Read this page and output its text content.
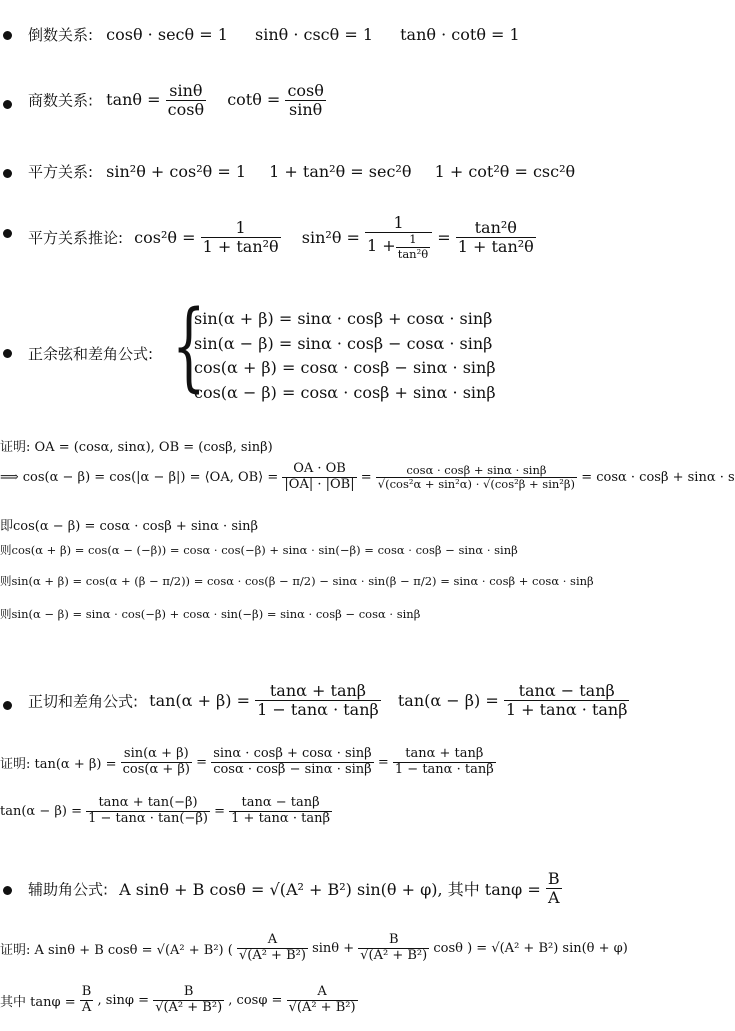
倒数关系: cosθ · secθ = 1 sinθ · cscθ = 1 tanθ · cotθ = 1
商数关系: $\tan\theta = \frac{\sin\theta}{\cos\theta}$ $\cot\theta = \frac{\cos\theta}{\sin\theta}$
平方关系: sin²θ + cos²θ = 1 1 + tan²θ = sec²θ 1 + cot²θ = csc²θ
平方关系推论: $\cos^2\theta = \frac{1}{\text{1 + tan²θ}} \sin^2\theta = \frac{1}{1 + \frac{1}{\text{tan²θ}}} = \frac{\text{tan²θ}}{\text{1 + tan²θ}}$
正余弦和差角公式: {
sin(α + β) = sinα · cosβ + cosα · sinβ
sin(α − β) = sinα · cosβ − cosα · sinβ
cos(α + β) = cosα · cosβ − sinα · sinβ
cos(α − β) = cosα · cosβ + sinα · sinβ
证明: OA = (cosα, sinα), OB = (cosβ, sinβ)
⟹ cos(α − β) = cos(|α − β|) = ⟨OA, OB⟩ = $\frac{OA \cdot OB}{|OA| \cdot |OB|} = \frac{\cos\alpha \cdot \cos\beta + \sin\alpha \cdot \sin\beta}{\text{√(cos²α + sin²α) · √(cos²β + sin²β)}} = \cos\alpha \cdot \cos\beta + \sin\alpha \cdot s$
即cos(α − β) = cosα · cosβ + sinα · sinβ
则cos(α + β) = cos(α − (−β)) = cosα · cos(−β) + sinα · sin(−β) = cosα · cosβ − sinα · sinβ
则sin(α + β) = cos(α + (β − π/2)) = cosα · cos(β − π/2) − sinα · sin(β − π/2) = sinα · cosβ + cosα · sinβ
则sin(α − β) = sinα · cos(−β) + cosα · sin(−β) = sinα · cosβ − cosα · sinβ
正切和差角公式: $\tan(\alpha + \beta) = \frac{\tan\alpha + \tan\beta}{1 - \tan\alpha \cdot \tan\beta} \tan(\alpha - \beta) = \frac{\tan\alpha - \tan\beta}{1 + \tan\alpha \cdot \tan\beta}$
证明: $\tan(\alpha + \beta) = \frac{\sin(\alpha + \beta)}{\cos(\alpha + \beta)} = \frac{\sin\alpha \cdot \cos\beta + \cos\alpha \cdot \sin\beta}{\cos\alpha \cdot \cos\beta - \sin\alpha \cdot \sin\beta} = \frac{\tan\alpha + \tan\beta}{1 - \tan\alpha \cdot \tan\beta}$
$\tan(\alpha - \beta) = \frac{\tan\alpha + \tan(-\beta)}{1 - \tan\alpha \cdot \tan(-\beta)} = \frac{\tan\alpha - \tan\beta}{1 + \tan\alpha \cdot \tan\beta}$
辅助角公式: A sinθ + B cosθ = √(A² + B²) sin(θ + φ), 其中 $\tan\varphi = \frac{B}{A}$
证明: A sinθ + B cosθ = √(A² + B²) ( $\frac{A}{\text{√(A² + B²)}}$ $\sin\theta + \frac{B}{\text{√(A² + B²)}}$ cosθ ) = √(A² + B²) sin(θ + φ)
其中 $\tan\varphi = \frac{B}{A}$ , $\sin\varphi = \frac{B}{\text{√(A² + B²)}}$ , $\cos\varphi = \frac{A}{\text{√(A² + B²)}}$
